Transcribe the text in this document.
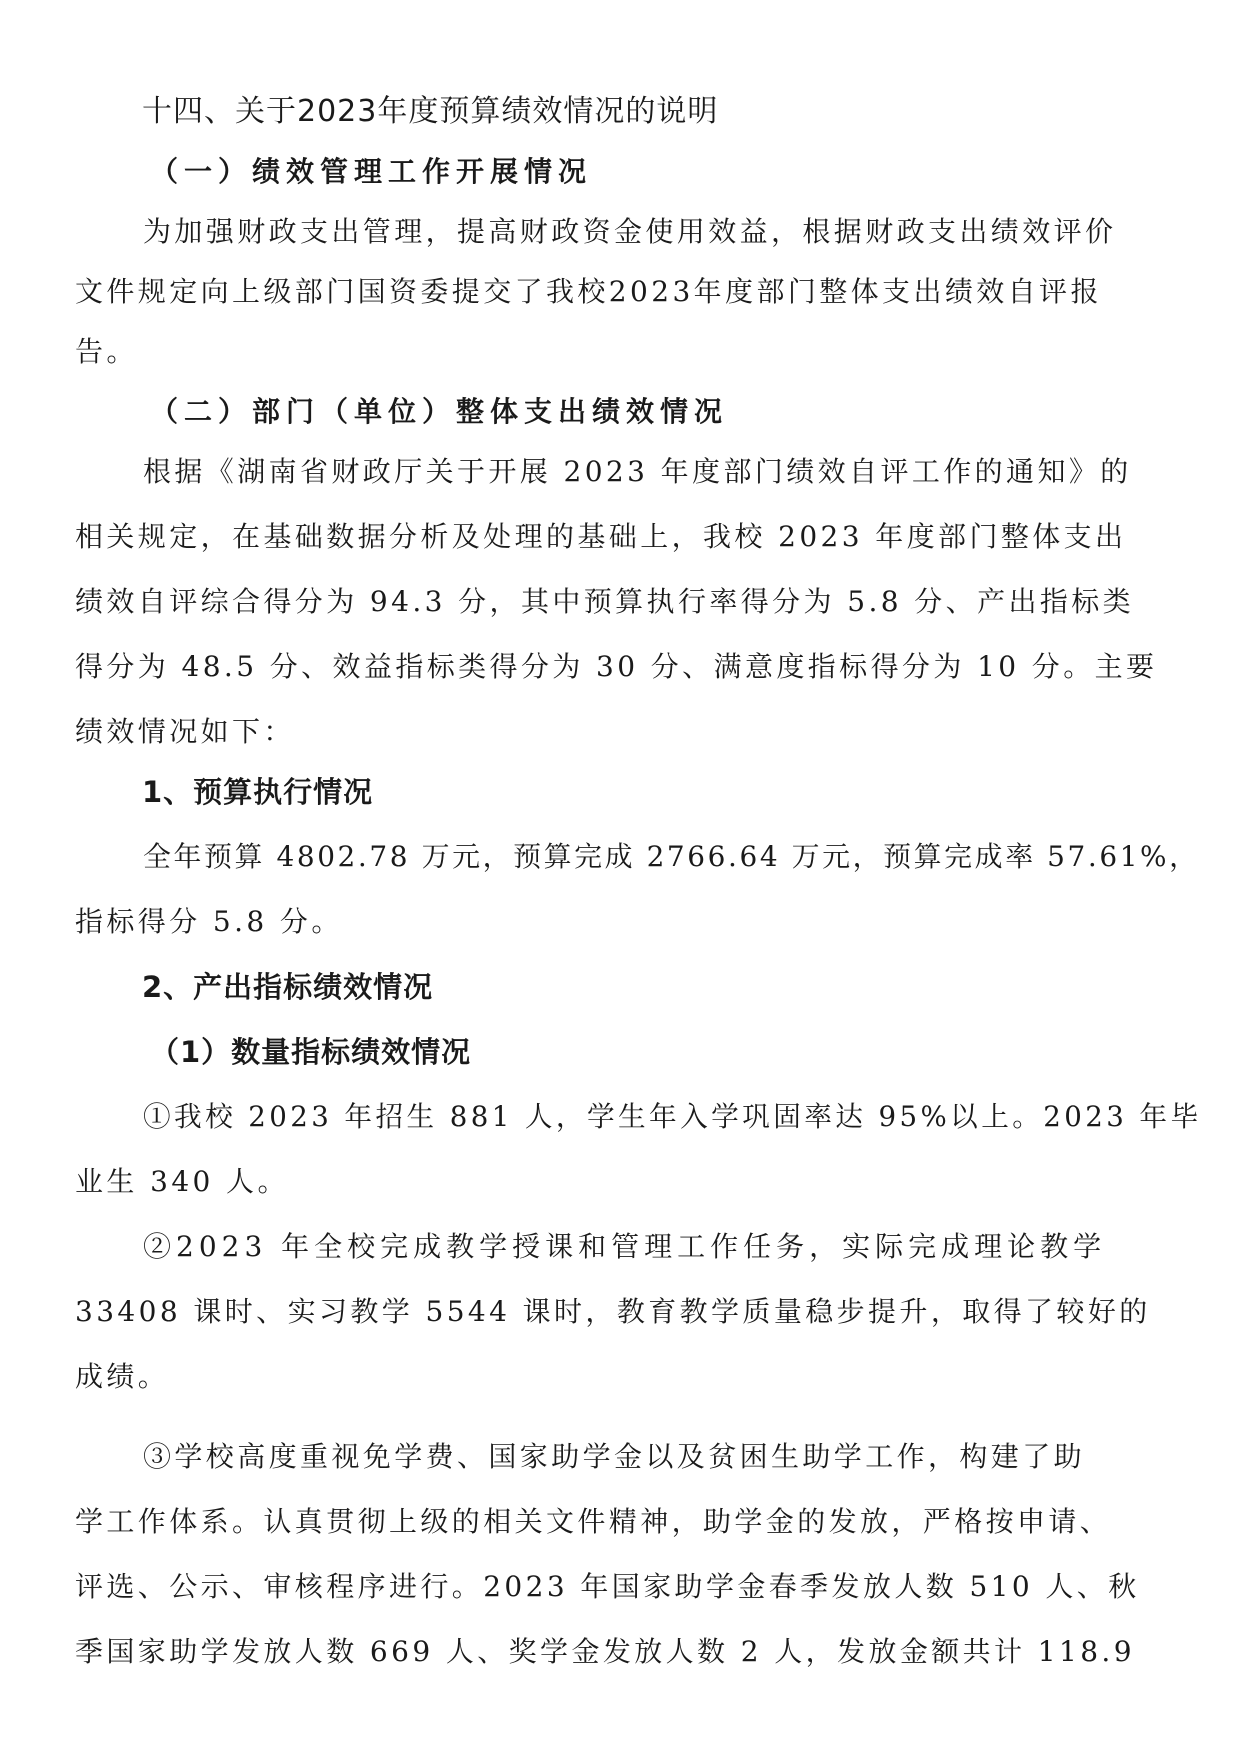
十四、关于2023年度预算绩效情况的说明
（一）绩效管理工作开展情况
为加强财政支出管理，提高财政资金使用效益，根据财政支出绩效评价
文件规定向上级部门国资委提交了我校2023年度部门整体支出绩效自评报
告。
（二）部门（单位）整体支出绩效情况
根据《湖南省财政厅关于开展 2023 年度部门绩效自评工作的通知》的
相关规定，在基础数据分析及处理的基础上，我校 2023 年度部门整体支出
绩效自评综合得分为 94.3 分，其中预算执行率得分为 5.8 分、产出指标类
得分为 48.5 分、效益指标类得分为 30 分、满意度指标得分为 10 分。主要
绩效情况如下：
1、预算执行情况
全年预算 4802.78 万元，预算完成 2766.64 万元，预算完成率 57.61%，
指标得分 5.8 分。
2、产出指标绩效情况
（1）数量指标绩效情况
①我校 2023 年招生 881 人，学生年入学巩固率达 95%以上。2023 年毕
业生 340 人。
②2023 年全校完成教学授课和管理工作任务，实际完成理论教学
33408 课时、实习教学 5544 课时，教育教学质量稳步提升，取得了较好的
成绩。
③学校高度重视免学费、国家助学金以及贫困生助学工作，构建了助
学工作体系。认真贯彻上级的相关文件精神，助学金的发放，严格按申请、
评选、公示、审核程序进行。2023 年国家助学金春季发放人数 510 人、秋
季国家助学发放人数 669 人、奖学金发放人数 2 人，发放金额共计 118.9
